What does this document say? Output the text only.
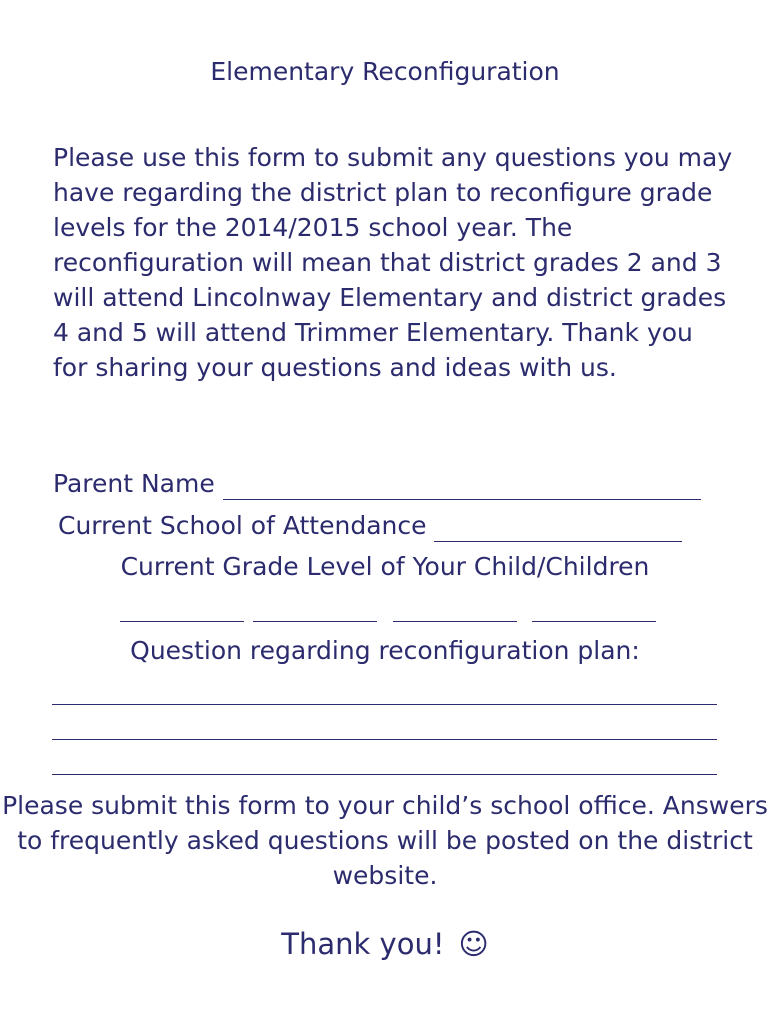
Elementary Reconfiguration

Please use this form to submit any questions you may have regarding the district plan to reconfigure grade levels for the 2014/2015 school year. The reconfiguration will mean that district grades 2 and 3 will attend Lincolnway Elementary and district grades 4 and 5 will attend Trimmer Elementary. Thank you for sharing your questions and ideas with us.

Parent Name
Current School of Attendance
Current Grade Level of Your Child/Children
Question regarding reconfiguration plan:

Please submit this form to your child’s school office. Answers to frequently asked questions will be posted on the district website.

Thank you! ☺
